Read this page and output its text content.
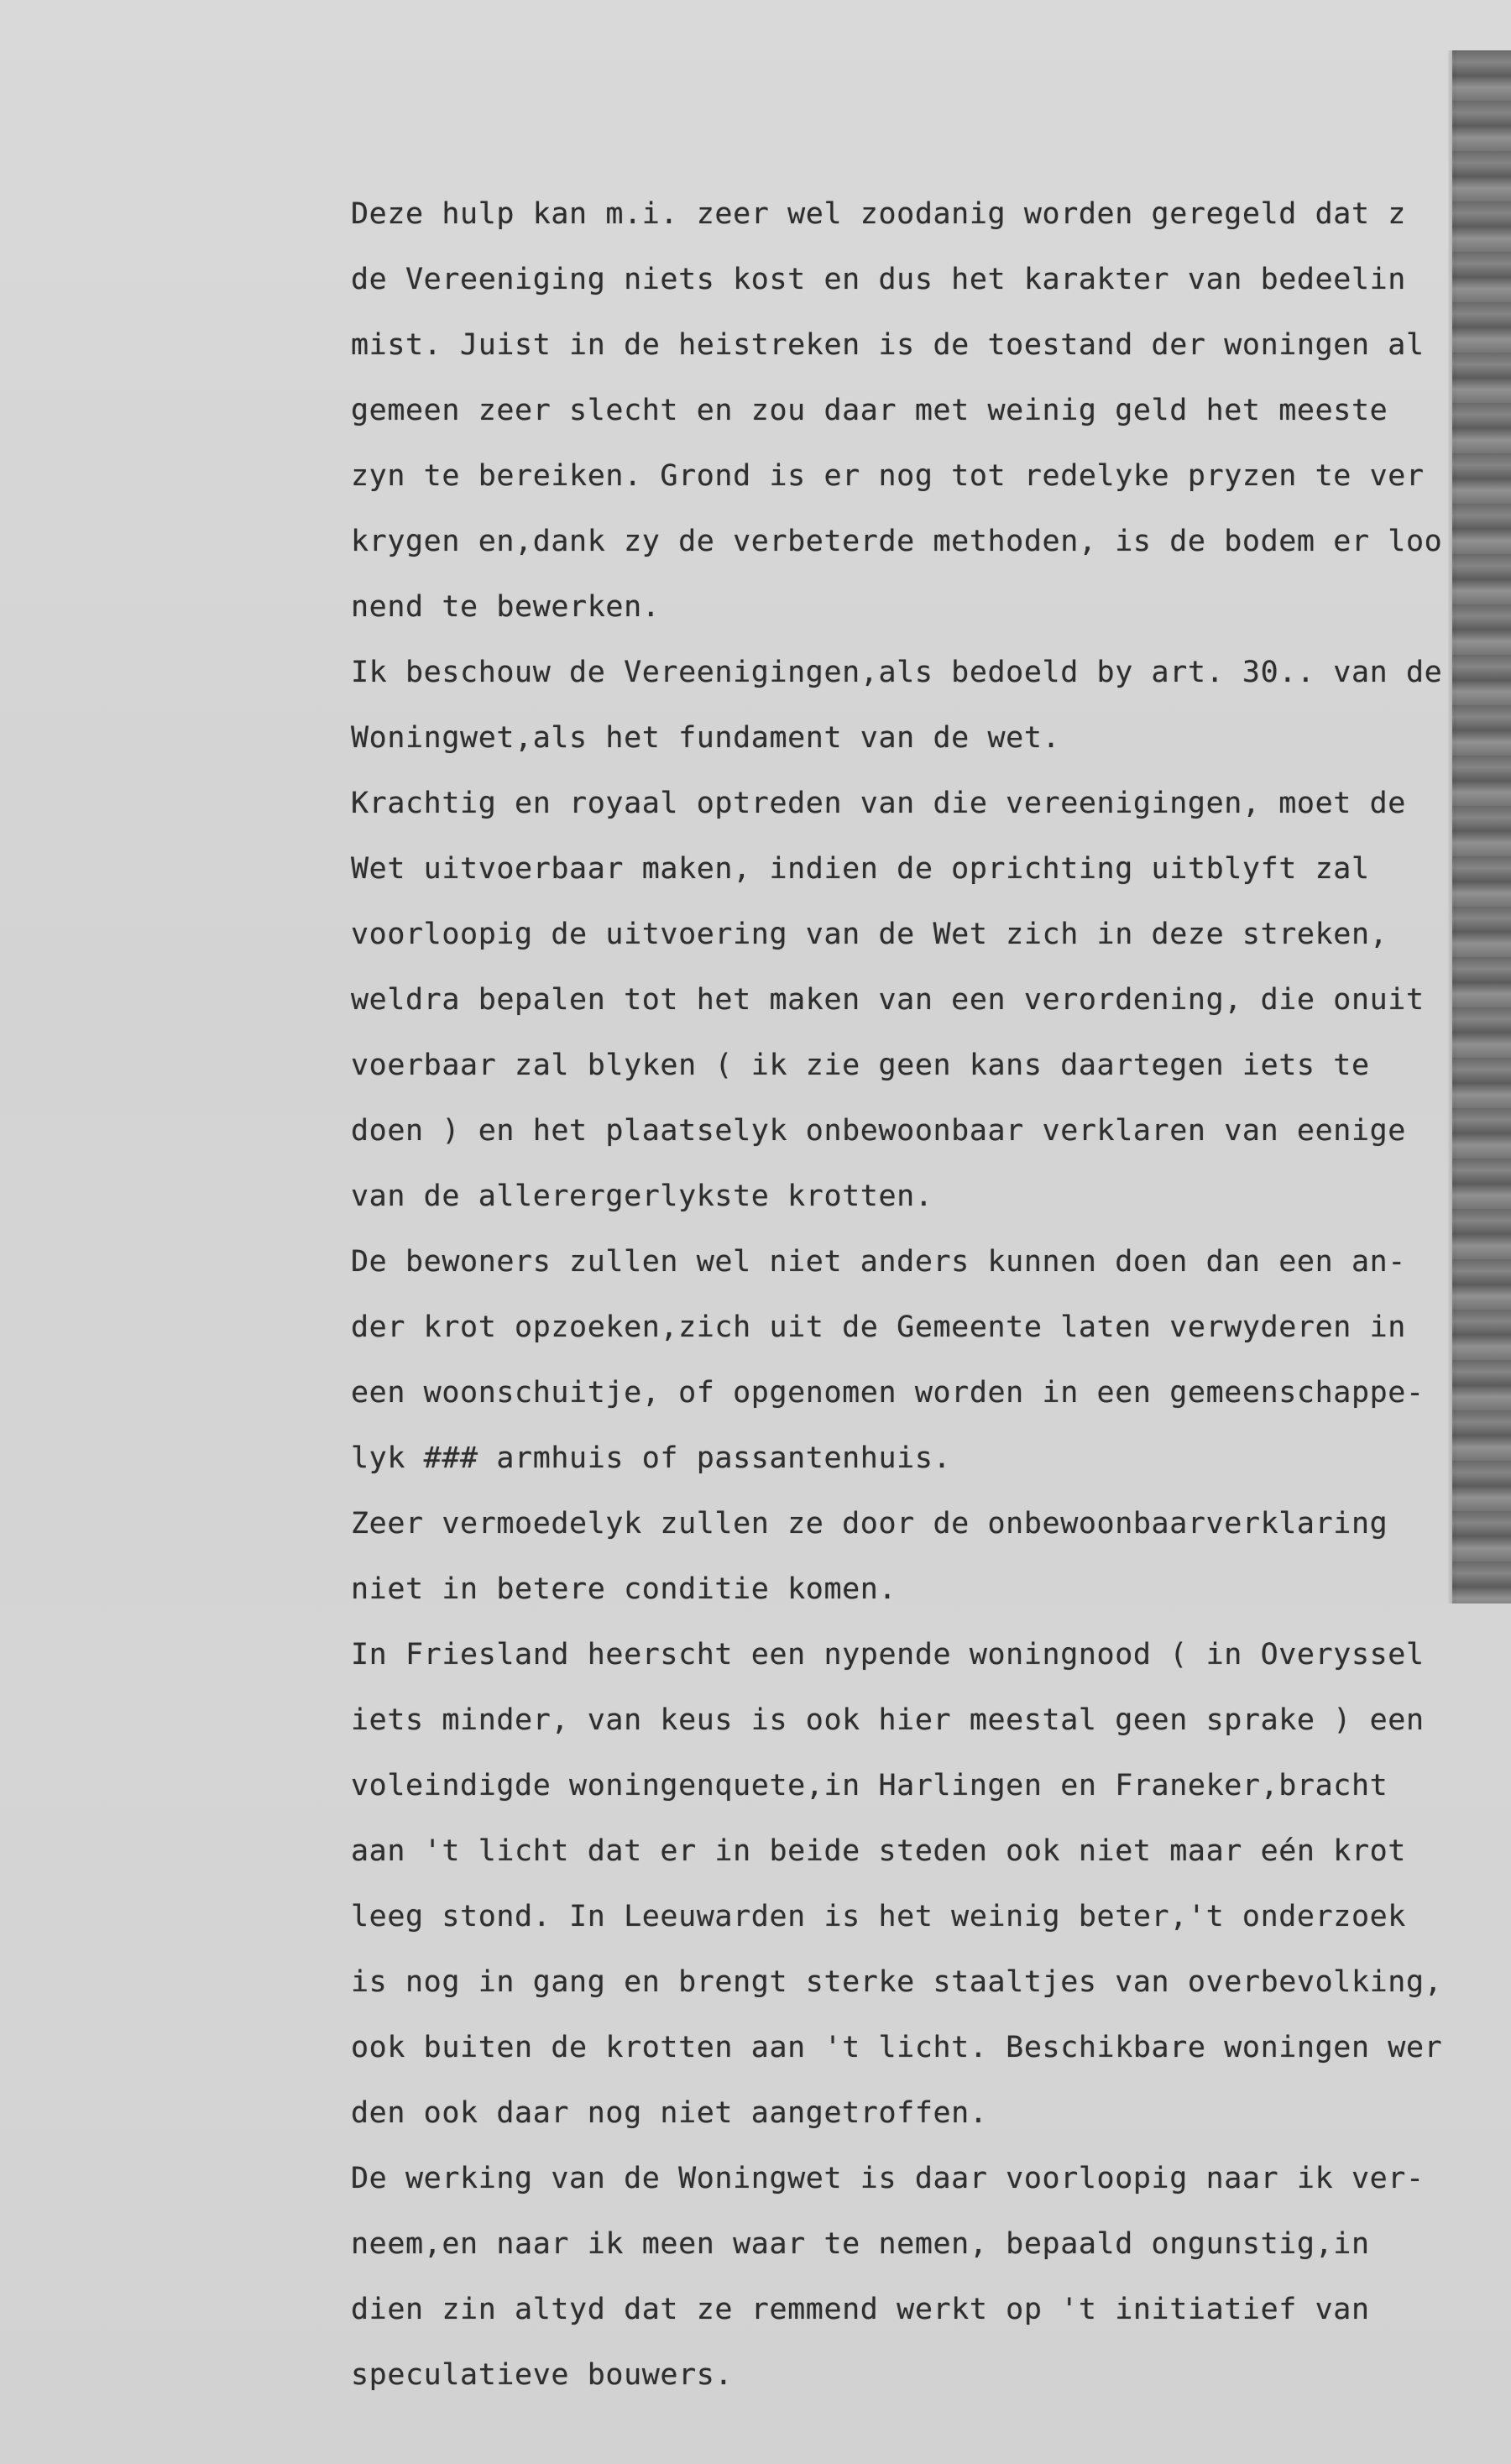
Deze hulp kan m.i. zeer wel zoodanig worden geregeld dat z
de Vereeniging niets kost en dus het karakter van bedeelin
mist. Juist in de heistreken is de toestand der woningen al
gemeen zeer slecht en zou daar met weinig geld het meeste
zyn te bereiken. Grond is er nog tot redelyke pryzen te ver
krygen en,dank zy de verbeterde methoden, is de bodem er loo
nend te bewerken.
Ik beschouw de Vereenigingen,als bedoeld by art. 30.. van de
Woningwet,als het fundament van de wet.
Krachtig en royaal optreden van die vereenigingen, moet de
Wet uitvoerbaar maken, indien de oprichting uitblyft zal
voorloopig de uitvoering van de Wet zich in deze streken,
weldra bepalen tot het maken van een verordening, die onuit
voerbaar zal blyken ( ik zie geen kans daartegen iets te
doen ) en het plaatselyk onbewoonbaar verklaren van eenige
van de allerergerlykste krotten.
De bewoners zullen wel niet anders kunnen doen dan een an-
der krot opzoeken,zich uit de Gemeente laten verwyderen in
een woonschuitje, of opgenomen worden in een gemeenschappe-
lyk ### armhuis of passantenhuis.
Zeer vermoedelyk zullen ze door de onbewoonbaarverklaring
niet in betere conditie komen.
In Friesland heerscht een nypende woningnood ( in Overyssel
iets minder, van keus is ook hier meestal geen sprake ) een
voleindigde woningenquete,in Harlingen en Franeker,bracht
aan 't licht dat er in beide steden ook niet maar eén krot
leeg stond. In Leeuwarden is het weinig beter,'t onderzoek
is nog in gang en brengt sterke staaltjes van overbevolking,
ook buiten de krotten aan 't licht. Beschikbare woningen wer
den ook daar nog niet aangetroffen.
De werking van de Woningwet is daar voorloopig naar ik ver-
neem,en naar ik meen waar te nemen, bepaald ongunstig,in
dien zin altyd dat ze remmend werkt op 't initiatief van
speculatieve bouwers.
